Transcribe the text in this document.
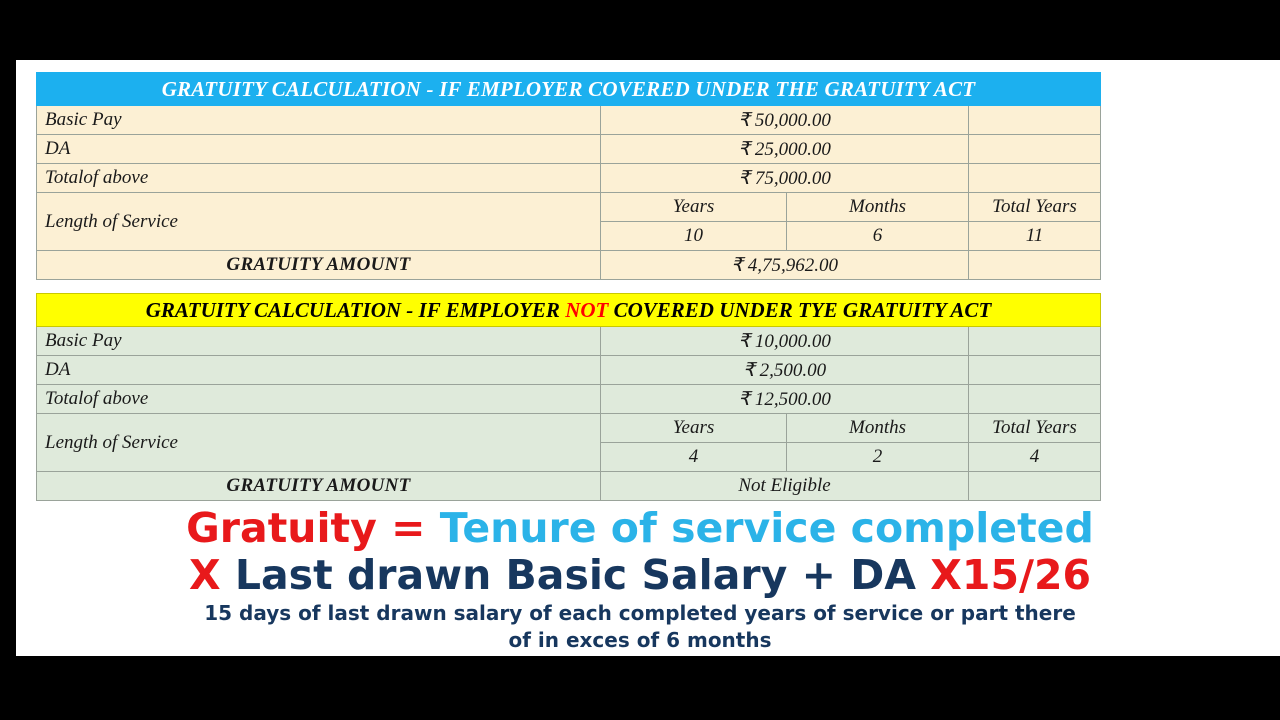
GRATUITY CALCULATION - IF EMPLOYER COVERED UNDER THE GRATUITY ACT			
Basic Pay	₹ 50,000.00		
DA	₹ 25,000.00		
Totalof above	₹ 75,000.00		
Length of Service	Years	Months	Total Years
	10	6	11
GRATUITY AMOUNT	₹ 4,75,962.00		
GRATUITY CALCULATION - IF EMPLOYER NOT COVERED UNDER TYE GRATUITY ACT			
Basic Pay	₹ 10,000.00		
DA	₹ 2,500.00		
Totalof above	₹ 12,500.00		
Length of Service	Years	Months	Total Years
	4	2	4
GRATUITY AMOUNT	Not Eligible		
Gratuity = Tenure of service completed
X Last drawn Basic Salary + DA X15/26
15 days of last drawn salary of each completed years of service or part there
of in exces of 6 months
